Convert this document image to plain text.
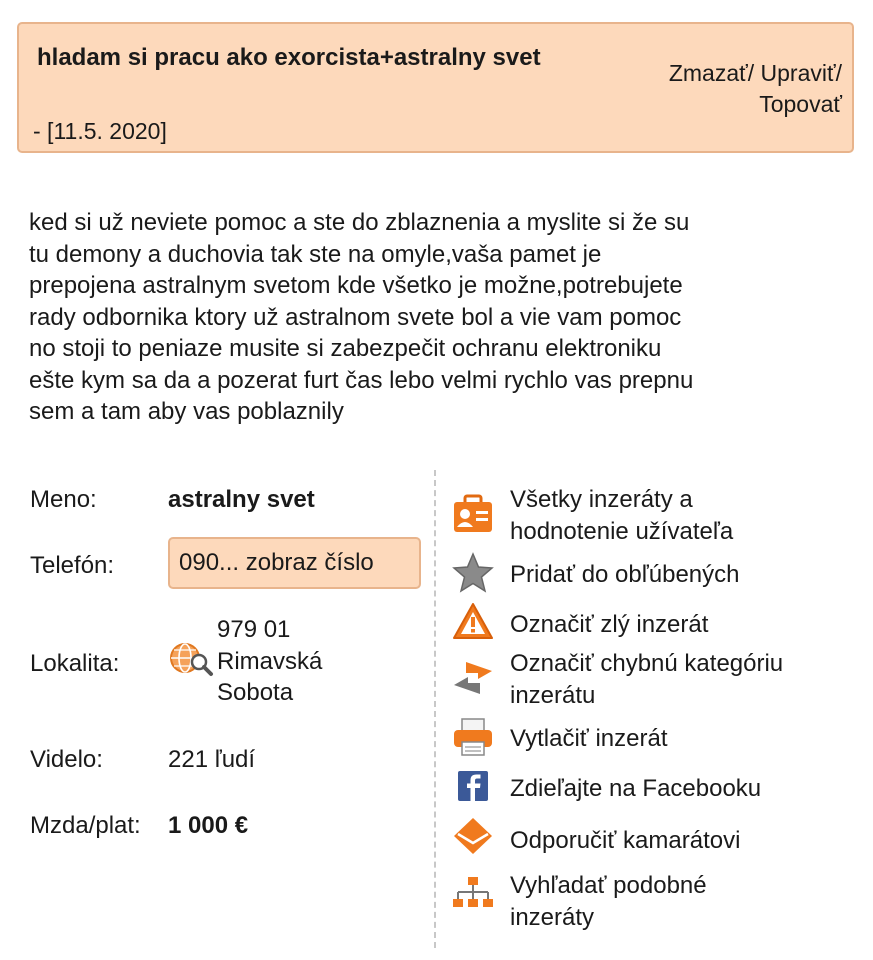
hladam si pracu ako exorcista+astralny svet
- [11.5. 2020]
Zmazať/ Upraviť/
Topovať
ked si už neviete pomoc a ste do zblaznenia a myslite si že su
tu demony a duchovia tak ste na omyle,vaša pamet je
prepojena astralnym svetom kde všetko je možne,potrebujete
rady odbornika ktory už astralnom svete bol a vie vam pomoc
no stoji to peniaze musite si zabezpečit ochranu elektroniku
ešte kym sa da a pozerat furt čas lebo velmi rychlo vas prepnu
sem a tam aby vas poblaznily
Meno:	astralny svet
Telefón:	090... zobraz číslo
Lokalita:
979 01
Rimavská
Sobota
Videlo:	221 ľudí
Mzda/plat: 1 000 €
Všetky inzeráty a
hodnotenie užívateľa
Pridať do obľúbených
Označiť zlý inzerát
Označiť chybnú kategóriu
inzerátu
Vytlačiť inzerát
Zdieľajte na Facebooku
Odporučiť kamarátovi
Vyhľadať podobné
inzeráty
